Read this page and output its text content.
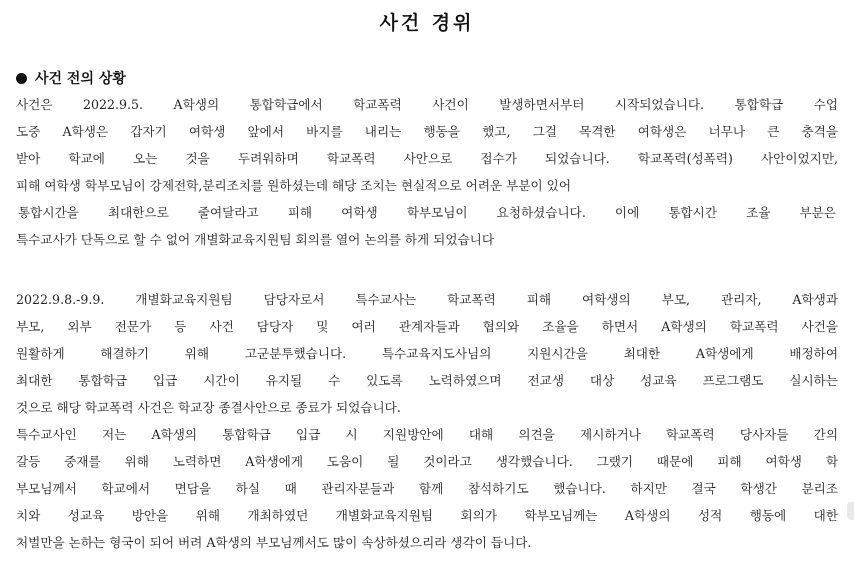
사건 경위
사건 전의 상황
사건은 2022.9.5. A학생의 통합학급에서 학교폭력 사건이 발생하면서부터 시작되었습니다. 통합학급 수업
도중 A학생은 갑자기 여학생 앞에서 바지를 내리는 행동을 했고, 그걸 목격한 여학생은 너무나 큰 충격을
받아 학교에 오는 것을 두려워하며 학교폭력 사안으로 접수가 되었습니다. 학교폭력(성폭력) 사안이었지만,
피해 여학생 학부모님이 강제전학,분리조치를 원하셨는데 해당 조치는 현실적으로 어려운 부분이 있어
통합시간을 최대한으로 줄여달라고 피해 여학생 학부모님이 요청하셨습니다. 이에 통합시간 조율 부분은
특수교사가 단독으로 할 수 없어 개별화교육지원팀 회의를 열어 논의를 하게 되었습니다
2022.9.8.-9.9. 개별화교육지원팀 담당자로서 특수교사는 학교폭력 피해 여학생의 부모, 관리자, A학생과
부모, 외부 전문가 등 사건 담당자 및 여러 관계자들과 협의와 조율을 하면서 A학생의 학교폭력 사건을
원활하게 해결하기 위해 고군분투했습니다. 특수교육지도사님의 지원시간을 최대한 A학생에게 배정하여
최대한 통합학급 입급 시간이 유지될 수 있도록 노력하였으며 전교생 대상 성교육 프로그램도 실시하는
것으로 해당 학교폭력 사건은 학교장 종결사안으로 종료가 되었습니다.
특수교사인 저는 A학생의 통합학급 입급 시 지원방안에 대해 의견을 제시하거나 학교폭력 당사자들 간의
갈등 중재를 위해 노력하면 A학생에게 도움이 될 것이라고 생각했습니다. 그랬기 때문에 피해 여학생 학
부모님께서 학교에서 면담을 하실 때 관리자분들과 함께 참석하기도 했습니다. 하지만 결국 학생간 분리조
치와 성교육 방안을 위해 개최하였던 개별화교육지원팀 회의가 학부모님께는 A학생의 성적 행동에 대한
처벌만을 논하는 형국이 되어 버려 A학생의 부모님께서도 많이 속상하셨으리라 생각이 듭니다.
